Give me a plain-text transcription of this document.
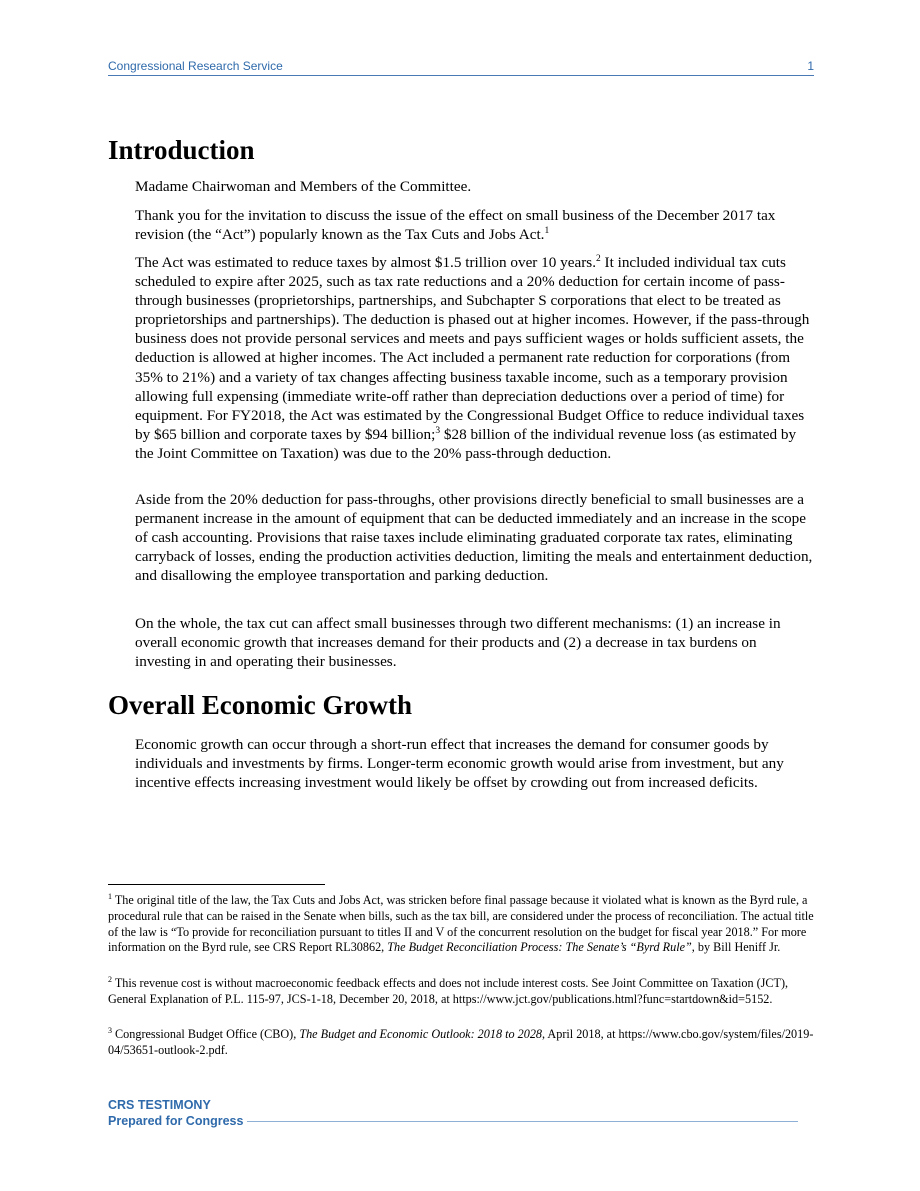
Congressional Research Service	1
Introduction

Madame Chairwoman and Members of the Committee.

Thank you for the invitation to discuss the issue of the effect on small business of the December 2017 tax revision (the “Act”) popularly known as the Tax Cuts and Jobs Act.$^1$

The Act was estimated to reduce taxes by almost $1.5 trillion over 10 years.$^2$ It included individual tax cuts scheduled to expire after 2025, such as tax rate reductions and a 20% deduction for certain income of pass-through businesses (proprietorships, partnerships, and Subchapter S corporations that elect to be treated as proprietorships and partnerships). The deduction is phased out at higher incomes. However, if the pass-through business does not provide personal services and meets and pays sufficient wages or holds sufficient assets, the deduction is allowed at higher incomes. The Act included a permanent rate reduction for corporations (from 35% to 21%) and a variety of tax changes affecting business taxable income, such as a temporary provision allowing full expensing (immediate write-off rather than depreciation deductions over a period of time) for equipment. For FY2018, the Act was estimated by the Congressional Budget Office to reduce individual taxes by $65 billion and corporate taxes by $94 billion;$^3$ $28 billion of the individual revenue loss (as estimated by the Joint Committee on Taxation) was due to the 20% pass-through deduction.

Aside from the 20% deduction for pass-throughs, other provisions directly beneficial to small businesses are a permanent increase in the amount of equipment that can be deducted immediately and an increase in the scope of cash accounting. Provisions that raise taxes include eliminating graduated corporate tax rates, eliminating carryback of losses, ending the production activities deduction, limiting the meals and entertainment deduction, and disallowing the employee transportation and parking deduction.

On the whole, the tax cut can affect small businesses through two different mechanisms: (1) an increase in overall economic growth that increases demand for their products and (2) a decrease in tax burdens on investing in and operating their businesses.

Overall Economic Growth

Economic growth can occur through a short-run effect that increases the demand for consumer goods by individuals and investments by firms. Longer-term economic growth would arise from investment, but any incentive effects increasing investment would likely be offset by crowding out from increased deficits.

$^1$ The original title of the law, the Tax Cuts and Jobs Act, was stricken before final passage because it violated what is known as the Byrd rule, a procedural rule that can be raised in the Senate when bills, such as the tax bill, are considered under the process of reconciliation. The actual title of the law is “To provide for reconciliation pursuant to titles II and V of the concurrent resolution on the budget for fiscal year 2018.” For more information on the Byrd rule, see CRS Report RL30862, The Budget Reconciliation Process: The Senate’s “Byrd Rule”, by Bill Heniff Jr.

$^2$ This revenue cost is without macroeconomic feedback effects and does not include interest costs. See Joint Committee on Taxation (JCT), General Explanation of P.L. 115-97, JCS-1-18, December 20, 2018, at https://www.jct.gov/publications.html?func=startdown&id=5152.

$^3$ Congressional Budget Office (CBO), The Budget and Economic Outlook: 2018 to 2028, April 2018, at https://www.cbo.gov/system/files/2019-04/53651-outlook-2.pdf.

CRS TESTIMONY
Prepared for Congress
